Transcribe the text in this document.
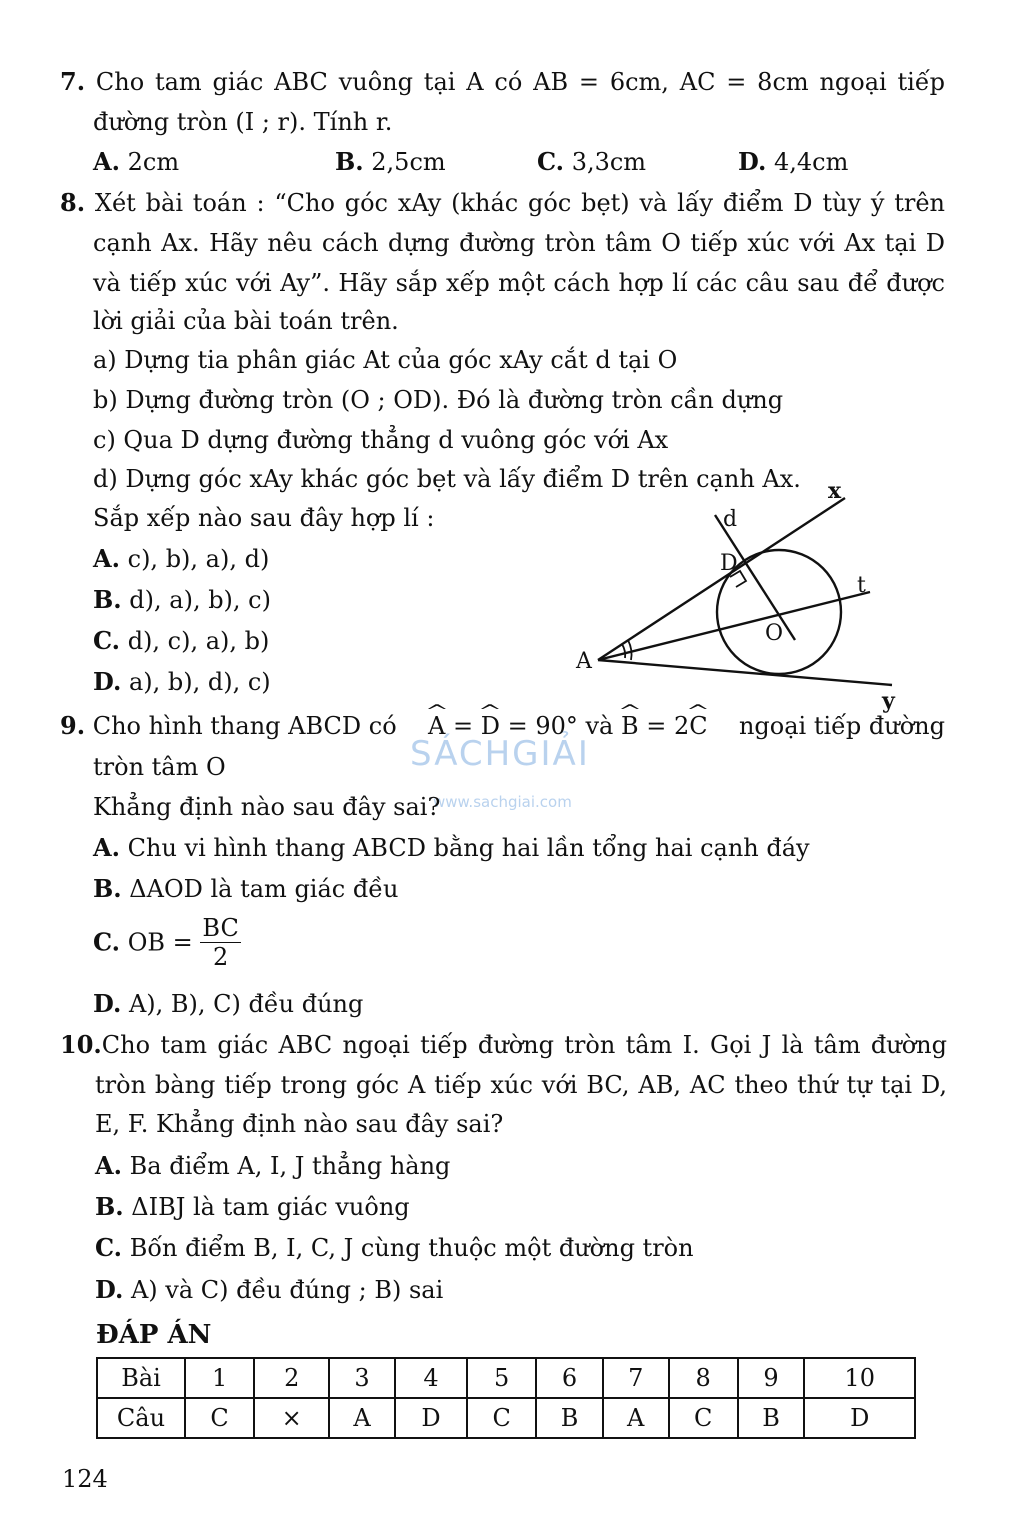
7. Cho tam giác ABC vuông tại A có AB = 6cm, AC = 8cm ngoại tiếp
đường tròn (I ; r). Tính r.
A. 2cm	B. 2,5cm	C. 3,3cm	D. 4,4cm
8. Xét bài toán : “Cho góc xAy (khác góc bẹt) và lấy điểm D tùy ý trên
cạnh Ax. Hãy nêu cách dựng đường tròn tâm O tiếp xúc với Ax tại D
và tiếp xúc với Ay”. Hãy sắp xếp một cách hợp lí các câu sau để được
lời giải của bài toán trên.
a) Dựng tia phân giác At của góc xAy cắt d tại O
b) Dựng đường tròn (O ; OD). Đó là đường tròn cần dựng
c) Qua D dựng đường thẳng d vuông góc với Ax
d) Dựng góc xAy khác góc bẹt và lấy điểm D trên cạnh Ax.
Sắp xếp nào sau đây hợp lí :
A. c), b), a), d)
B. d), a), b), c)
C. d), c), a), b)
D. a), b), d), c)
x
y
t
d
D
O
A
SÁCHGIẢI
www.sachgiai.com
9. Cho hình thang ABCD có ^ A = ^ D = 90° và ^ B = 2^ C ngoại tiếp đường
tròn tâm O
Khẳng định nào sau đây sai?
A. Chu vi hình thang ABCD bằng hai lần tổng hai cạnh đáy
B. ΔAOD là tam giác đều
C. OB = $\frac{BC}{2}$
D. A), B), C) đều đúng
10.Cho tam giác ABC ngoại tiếp đường tròn tâm I. Gọi J là tâm đường
tròn bàng tiếp trong góc A tiếp xúc với BC, AB, AC theo thứ tự tại D,
E, F. Khẳng định nào sau đây sai?
A. Ba điểm A, I, J thẳng hàng
B. ΔIBJ là tam giác vuông
C. Bốn điểm B, I, C, J cùng thuộc một đường tròn
D. A) và C) đều đúng ; B) sai
ĐÁP ÁN
Bài	1	2	3	4	5	6	7	8	9	10
Câu	C	×	A	D	C	B	A	C	B	D
124
